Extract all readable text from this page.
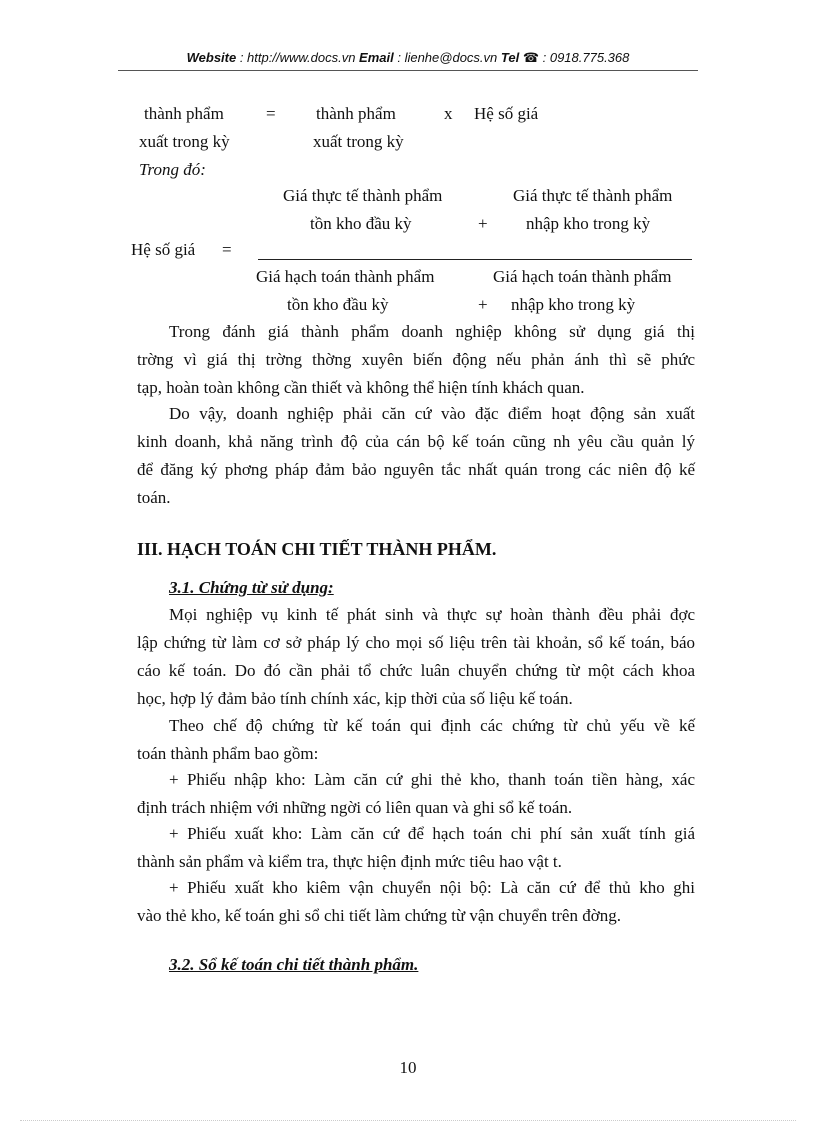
Website : http://www.docs.vn Email : lienhe@docs.vn Tel ☎ : 0918.775.368
thành phẩm
xuất trong kỳ
= thành phẩm
xuất trong kỳ
x Hệ số giá
Trong đó:
Giá thực tế thành phẩm
tồn kho đầu kỳ	+
Giá thực tế thành phẩm
nhập kho trong kỳ
Hệ số giá =
Giá hạch toán thành phẩm
tồn kho đầu kỳ	+
Giá hạch toán thành phẩm
nhập kho trong kỳ
Trong đánh giá thành phẩm doanh nghiệp không sử dụng giá thị
trờng vì giá thị trờng thờng xuyên biến động nếu phản ánh thì sẽ phức
tạp, hoàn toàn không cần thiết và không thể hiện tính khách quan.
Do vậy, doanh nghiệp phải căn cứ vào đặc điểm hoạt động sản xuất
kinh doanh, khả năng trình độ của cán bộ kế toán cũng nh yêu cầu quản lý
để đăng ký phơng pháp đảm bảo nguyên tắc nhất quán trong các niên độ kế
toán.
III. HẠCH TOÁN CHI TIẾT THÀNH PHẨM.
3.1. Chứng từ sử dụng:
Mọi nghiệp vụ kinh tế phát sinh và thực sự hoàn thành đều phải đợc
lập chứng từ làm cơ sở pháp lý cho mọi số liệu trên tài khoản, sổ kế toán, báo
cáo kế toán. Do đó cần phải tổ chức luân chuyển chứng từ một cách khoa
học, hợp lý đảm bảo tính chính xác, kịp thời của số liệu kế toán.
Theo chế độ chứng từ kế toán qui định các chứng từ chủ yếu về kế
toán thành phẩm bao gồm:
+ Phiếu nhập kho: Làm căn cứ ghi thẻ kho, thanh toán tiền hàng, xác
định trách nhiệm với những ngời có liên quan và ghi sổ kế toán.
+ Phiếu xuất kho: Làm căn cứ để hạch toán chi phí sản xuất tính giá
thành sản phẩm và kiểm tra, thực hiện định mức tiêu hao vật t.
+ Phiếu xuất kho kiêm vận chuyển nội bộ: Là căn cứ để thủ kho ghi
vào thẻ kho, kế toán ghi sổ chi tiết làm chứng từ vận chuyển trên đờng.
3.2. Sổ kế toán chi tiết thành phẩm.
10
